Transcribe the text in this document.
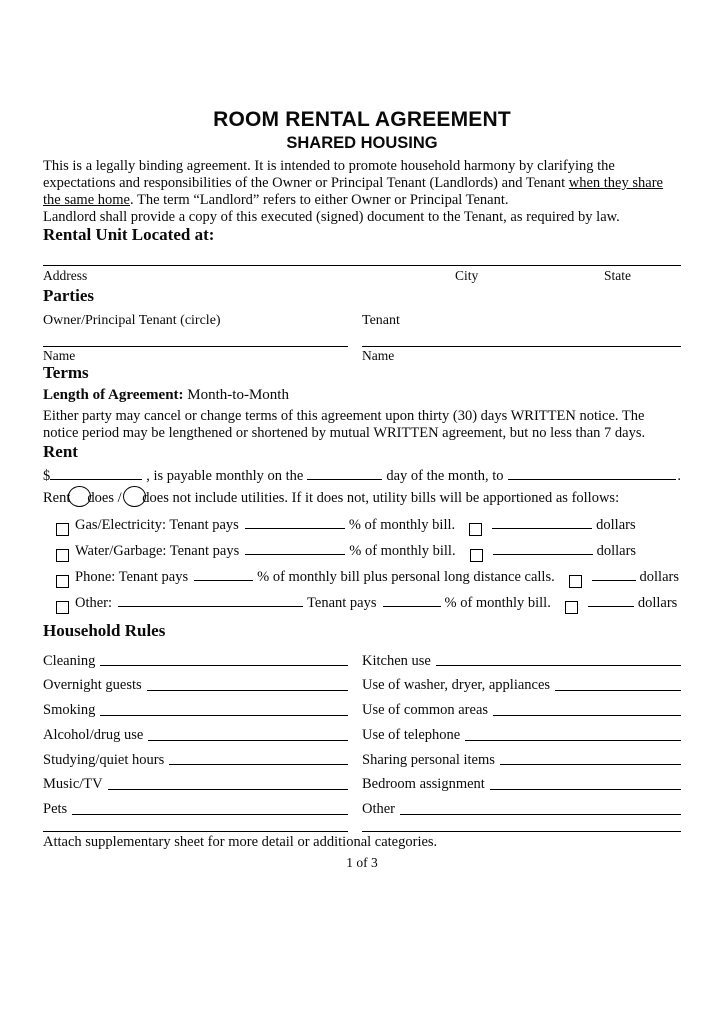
ROOM RENTAL AGREEMENT
SHARED HOUSING

This is a legally binding agreement. It is intended to promote household harmony by clarifying the expectations and responsibilities of the Owner or Principal Tenant (Landlords) and Tenant when they share the same home. The term “Landlord” refers to either Owner or Principal Tenant.

Landlord shall provide a copy of this executed (signed) document to the Tenant, as required by law.

Rental Unit Located at:
Address	City	State
Parties
Owner/Principal Tenant (circle)	Tenant
Name	Name
Terms

Length of Agreement: Month-to-Month

Either party may cancel or change terms of this agreement upon thirty (30) days WRITTEN notice. The notice period may be lengthened or shortened by mutual WRITTEN agreement, but no less than 7 days.

Rent
$	, is payable monthly on the	day of the month, to	.
Rent does / does not include utilities. If it does not, utility bills will be apportioned as follows:
Gas/Electricity: Tenant pays	% of monthly bill.	dollars
Water/Garbage: Tenant pays	% of monthly bill.	dollars
Phone: Tenant pays	% of monthly bill plus personal long distance calls.	dollars
Other:	Tenant pays	% of monthly bill.	dollars
Household Rules
Cleaning	Kitchen use
Overnight guests	Use of washer, dryer, appliances
Smoking	Use of common areas
Alcohol/drug use	Use of telephone
Studying/quiet hours	Sharing personal items
Music/TV	Bedroom assignment
Pets	Other

Attach supplementary sheet for more detail or additional categories.

1 of 3
